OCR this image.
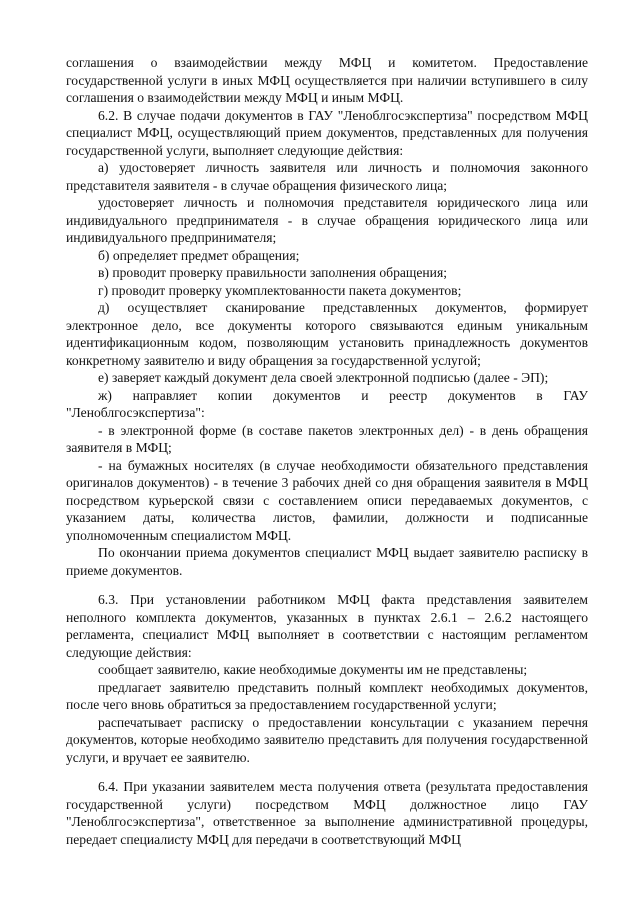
соглашения о взаимодействии между МФЦ и комитетом. Предоставление государственной услуги в иных МФЦ осуществляется при наличии вступившего в силу соглашения о взаимодействии между МФЦ и иным МФЦ.

6.2. В случае подачи документов в ГАУ "Леноблгосэкспертиза" посредством МФЦ специалист МФЦ, осуществляющий прием документов, представленных для получения государственной услуги, выполняет следующие действия:

а) удостоверяет личность заявителя или личность и полномочия законного представителя заявителя - в случае обращения физического лица;

удостоверяет личность и полномочия представителя юридического лица или индивидуального предпринимателя - в случае обращения юридического лица или индивидуального предпринимателя;

б) определяет предмет обращения;

в) проводит проверку правильности заполнения обращения;

г) проводит проверку укомплектованности пакета документов;

д) осуществляет сканирование представленных документов, формирует электронное дело, все документы которого связываются единым уникальным идентификационным кодом, позволяющим установить принадлежность документов конкретному заявителю и виду обращения за государственной услугой;

е) заверяет каждый документ дела своей электронной подписью (далее - ЭП);

ж) направляет копии документов и реестр документов в ГАУ "Леноблгосэкспертиза":

- в электронной форме (в составе пакетов электронных дел) - в день обращения заявителя в МФЦ;

- на бумажных носителях (в случае необходимости обязательного представления оригиналов документов) - в течение 3 рабочих дней со дня обращения заявителя в МФЦ посредством курьерской связи с составлением описи передаваемых документов, с указанием даты, количества листов, фамилии, должности и подписанные уполномоченным специалистом МФЦ.

По окончании приема документов специалист МФЦ выдает заявителю расписку в приеме документов.

6.3. При установлении работником МФЦ факта представления заявителем неполного комплекта документов, указанных в пунктах 2.6.1 – 2.6.2 настоящего регламента, специалист МФЦ выполняет в соответствии с настоящим регламентом следующие действия:

сообщает заявителю, какие необходимые документы им не представлены;

предлагает заявителю представить полный комплект необходимых документов, после чего вновь обратиться за предоставлением государственной услуги;

распечатывает расписку о предоставлении консультации с указанием перечня документов, которые необходимо заявителю представить для получения государственной услуги, и вручает ее заявителю.

6.4. При указании заявителем места получения ответа (результата предоставления государственной услуги) посредством МФЦ должностное лицо ГАУ "Леноблгосэкспертиза", ответственное за выполнение административной процедуры, передает специалисту МФЦ для передачи в соответствующий МФЦ
